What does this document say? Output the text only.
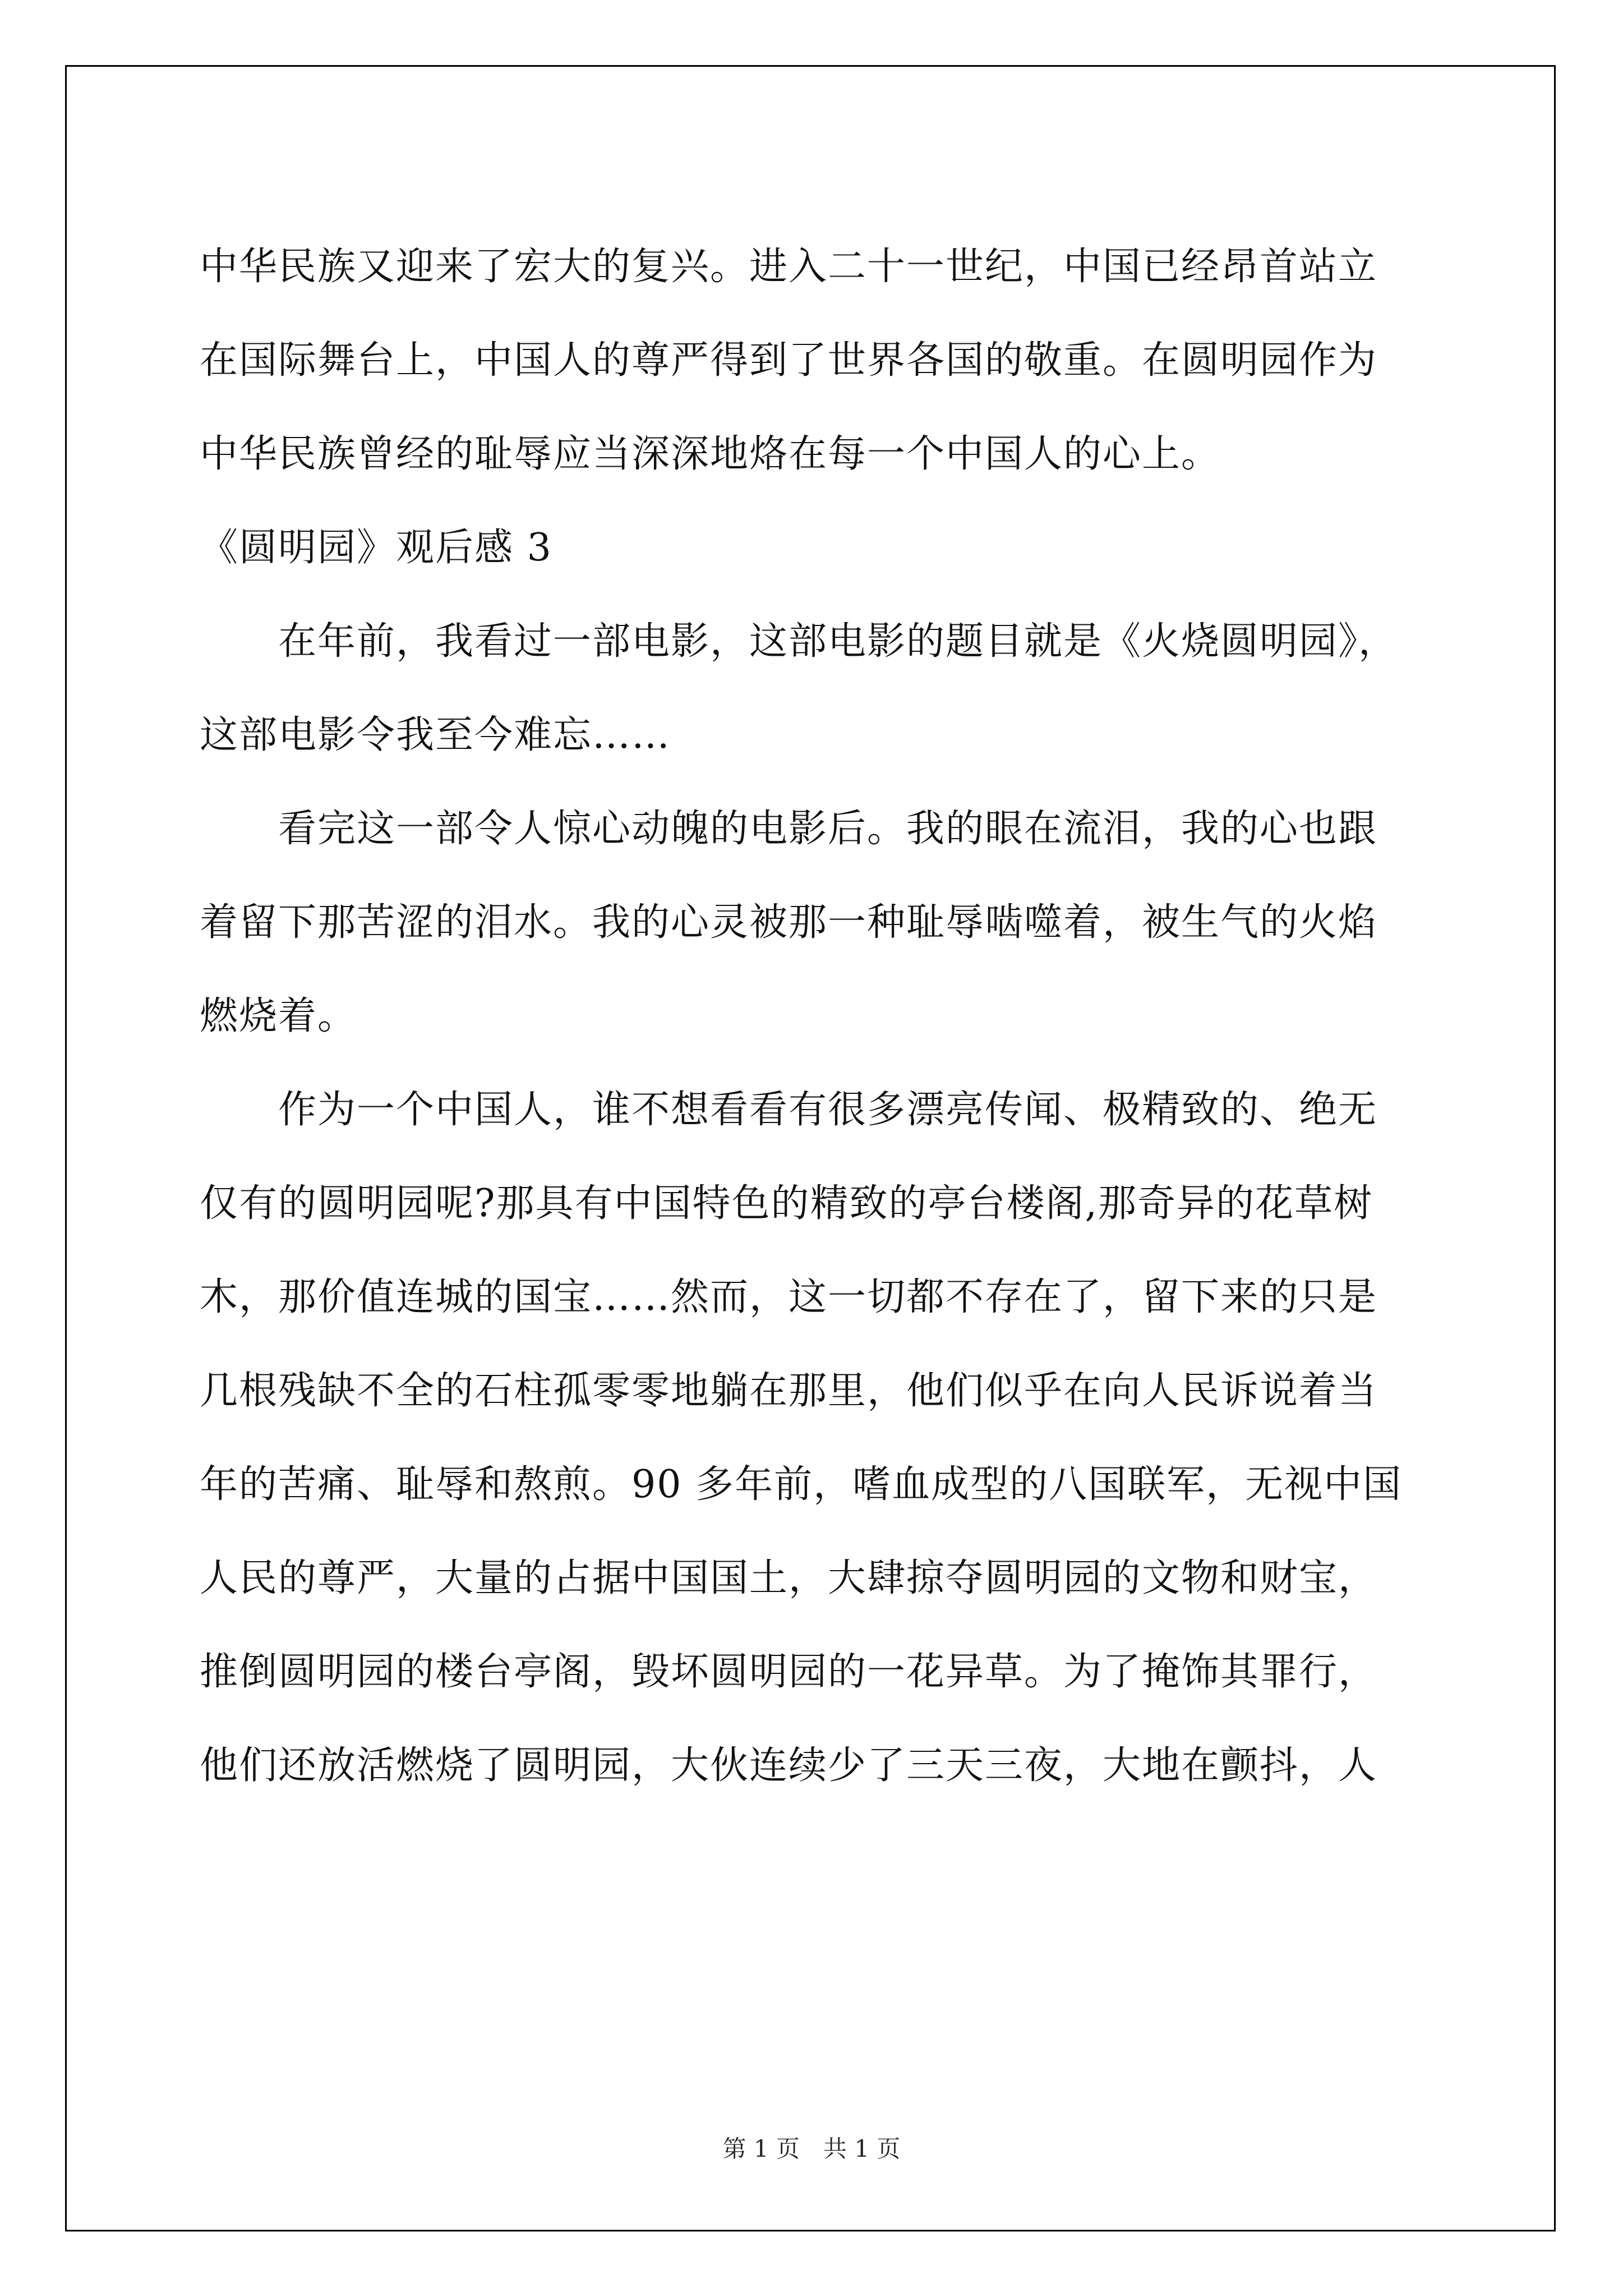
中华民族又迎来了宏大的复兴。进入二十一世纪，中国已经昂首站立
在国际舞台上，中国人的尊严得到了世界各国的敬重。在圆明园作为
中华民族曾经的耻辱应当深深地烙在每一个中国人的心上。
《圆明园》观后感 3
在年前，我看过一部电影，这部电影的题目就是《火烧圆明园》，
这部电影令我至今难忘……
看完这一部令人惊心动魄的电影后。我的眼在流泪，我的心也跟
着留下那苦涩的泪水。我的心灵被那一种耻辱啮噬着，被生气的火焰
燃烧着。
作为一个中国人，谁不想看看有很多漂亮传闻、极精致的、绝无
仅有的圆明园呢?那具有中国特色的精致的亭台楼阁,那奇异的花草树
木，那价值连城的国宝……然而，这一切都不存在了，留下来的只是
几根残缺不全的石柱孤零零地躺在那里，他们似乎在向人民诉说着当
年的苦痛、耻辱和熬煎。90 多年前，嗜血成型的八国联军，无视中国
人民的尊严，大量的占据中国国土，大肆掠夺圆明园的文物和财宝，
推倒圆明园的楼台亭阁，毁坏圆明园的一花异草。为了掩饰其罪行，
他们还放活燃烧了圆明园，大伙连续少了三天三夜，大地在颤抖，人
第 1 页　共 1 页
